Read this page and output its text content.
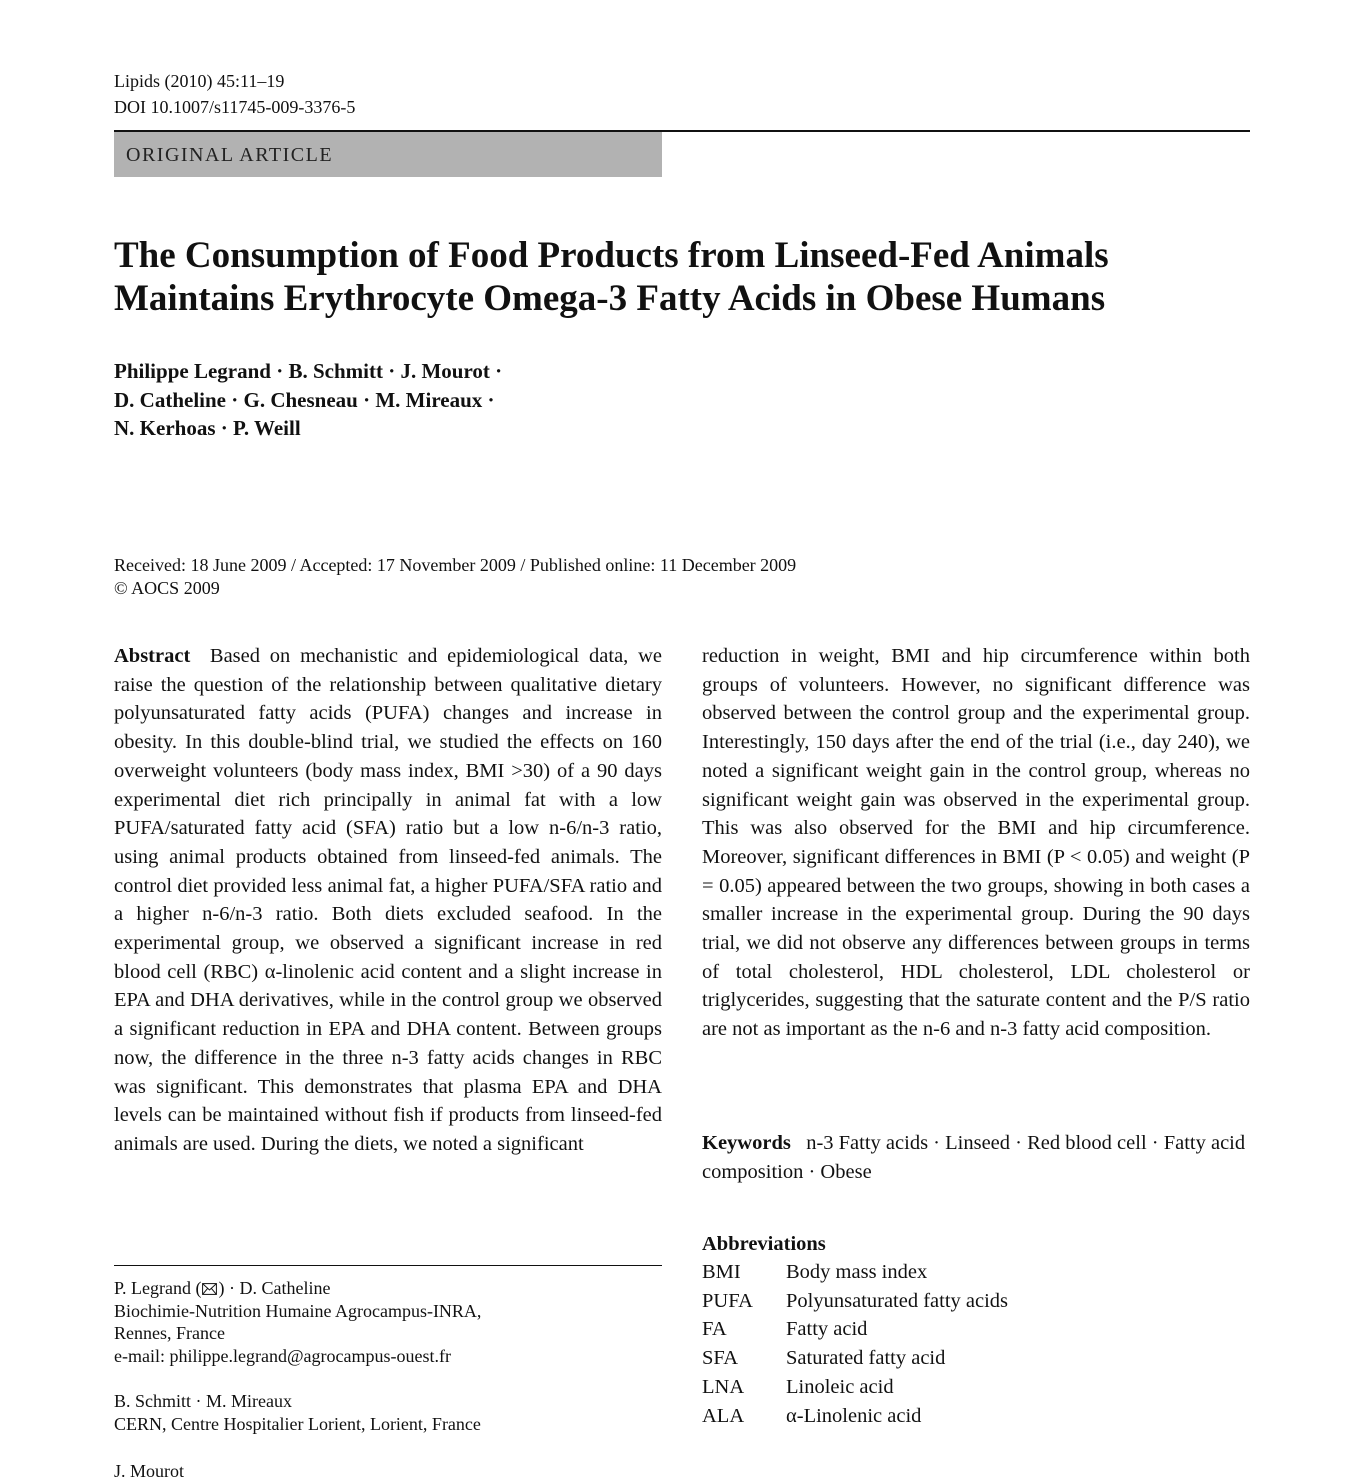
Lipids (2010) 45:11–19
DOI 10.1007/s11745-009-3376-5
ORIGINAL ARTICLE
The Consumption of Food Products from Linseed-Fed Animals
Maintains Erythrocyte Omega-3 Fatty Acids in Obese Humans
Philippe Legrand · B. Schmitt · J. Mourot ·
D. Catheline · G. Chesneau · M. Mireaux ·
N. Kerhoas · P. Weill
Received: 18 June 2009 / Accepted: 17 November 2009 / Published online: 11 December 2009
© AOCS 2009
Abstract Based on mechanistic and epidemiological data, we raise the question of the relationship between qualitative dietary polyunsaturated fatty acids (PUFA) changes and increase in obesity. In this double-blind trial, we studied the effects on 160 overweight volunteers (body mass index, BMI >30) of a 90 days experimental diet rich principally in animal fat with a low PUFA/saturated fatty acid (SFA) ratio but a low n-6/n-3 ratio, using animal products obtained from linseed-fed animals. The control diet provided less animal fat, a higher PUFA/SFA ratio and a higher n-6/n-3 ratio. Both diets excluded seafood. In the experimental group, we observed a significant increase in red blood cell (RBC) α-linolenic acid content and a slight increase in EPA and DHA derivatives, while in the control group we observed a significant reduction in EPA and DHA content. Between groups now, the difference in the three n-3 fatty acids changes in RBC was significant. This demonstrates that plasma EPA and DHA levels can be maintained without fish if products from linseed-fed animals are used. During the diets, we noted a significant
reduction in weight, BMI and hip circumference within both groups of volunteers. However, no significant difference was observed between the control group and the experimental group. Interestingly, 150 days after the end of the trial (i.e., day 240), we noted a significant weight gain in the control group, whereas no significant weight gain was observed in the experimental group. This was also observed for the BMI and hip circumference. Moreover, significant differences in BMI (P < 0.05) and weight (P = 0.05) appeared between the two groups, showing in both cases a smaller increase in the experimental group. During the 90 days trial, we did not observe any differences between groups in terms of total cholesterol, HDL cholesterol, LDL cholesterol or triglycerides, suggesting that the saturate content and the P/S ratio are not as important as the n-6 and n-3 fatty acid composition.
Keywords n-3 Fatty acids · Linseed · Red blood cell · Fatty acid composition · Obese
Abbreviations
BMI	Body mass index
PUFA	Polyunsaturated fatty acids
FA	Fatty acid
SFA	Saturated fatty acid
LNA	Linoleic acid
ALA	α-Linolenic acid
P. Legrand ( ) · D. Catheline
Biochimie-Nutrition Humaine Agrocampus-INRA,
Rennes, France
e-mail: philippe.legrand@agrocampus-ouest.fr
B. Schmitt · M. Mireaux
CERN, Centre Hospitalier Lorient, Lorient, France
J. Mourot
